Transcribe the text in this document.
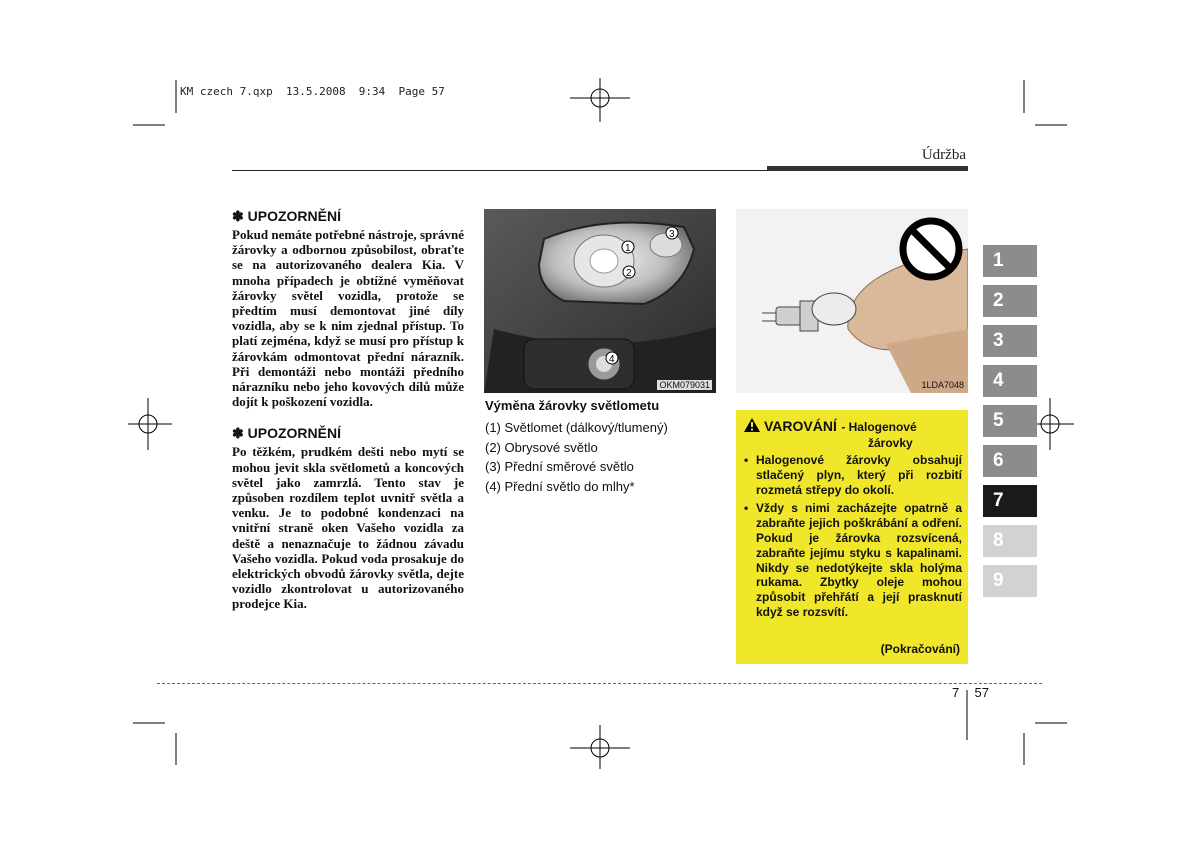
KM czech 7.qxp  13.5.2008  9:34  Page 57
Údržba
✽ UPOZORNĚNÍ

Pokud nemáte potřebné nástroje, správné žárovky a odbornou způsobilost, obraťte se na autorizovaného dealera Kia. V mnoha případech je obtížné vyměňovat žárovky světel vozidla, protože se předtím musí demontovat jiné díly vozidla, aby se k nim zjednal přístup. To platí zejména, když se musí pro přístup k žárovkám odmontovat přední nárazník. Při demontáži nebo montáži předního nárazníku nebo jeho kovových dílů může dojít k poškození vozidla.

✽ UPOZORNĚNÍ

Po těžkém, prudkém dešti nebo mytí se mohou jevit skla světlometů a koncových světel jako zamrzlá. Tento stav je způsoben rozdílem teplot uvnitř světla a venku. Je to podobné kondenzaci na vnitřní straně oken Vašeho vozidla za deště a nenaznačuje to žádnou závadu Vašeho vozidla. Pokud voda prosakuje do elektrických obvodů žárovky světla, dejte vozidlo zkontrolovat u autorizovaného prodejce Kia.

1
2
3
4
OKM079031	1LDA7048
Výměna žárovky světlometu
(1) Světlomet (dálkový/tlumený)
(2) Obrysové světlo
(3) Přední směrové světlo
(4) Přední světlo do mlhy*
VAROVÁNÍ - Halogenové
žárovky
• Halogenové žárovky obsahují stlačený plyn, který při rozbití rozmetá střepy do okolí.
• Vždy s nimi zacházejte opatrně a zabraňte jejich poškrábání a odření. Pokud je žárovka rozsvícená, zabraňte jejímu styku s kapalinami. Nikdy se nedotýkejte skla holýma rukama. Zbytky oleje mohou způsobit přehřátí a její prasknutí když se rozsvítí.
(Pokračování)
1
2
3
4
5
6
7
8
9
7 57
